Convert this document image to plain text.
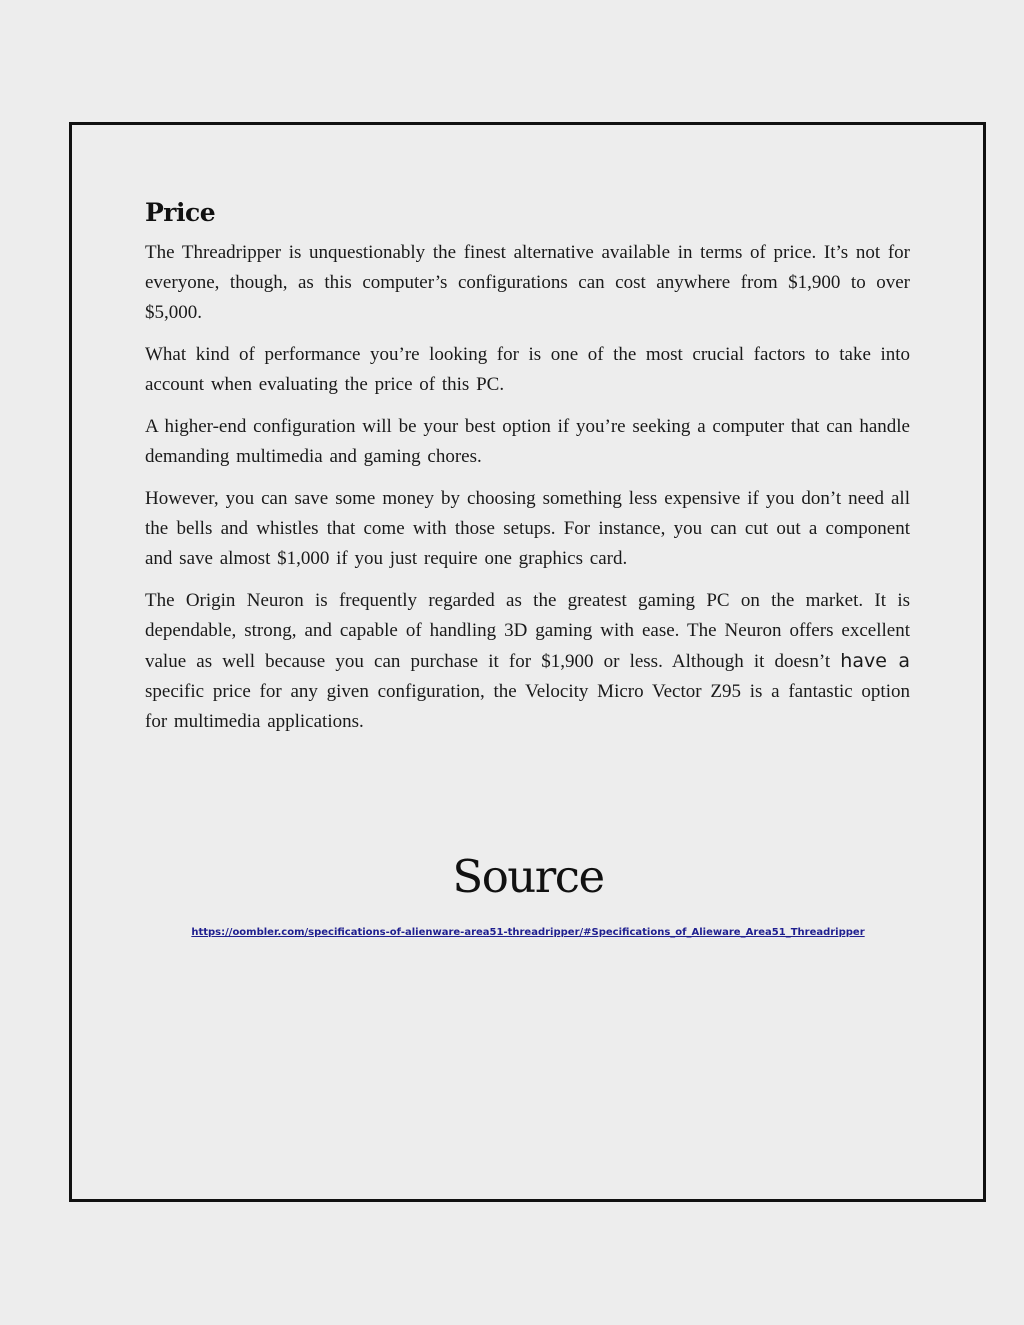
Price

The Threadripper is unquestionably the finest alternative available in terms of price. It’s not for everyone, though, as this computer’s configurations can cost anywhere from $1,900 to over $5,000.

What kind of performance you’re looking for is one of the most crucial factors to take into account when evaluating the price of this PC.

A higher-end configuration will be your best option if you’re seeking a computer that can handle demanding multimedia and gaming chores.

However, you can save some money by choosing something less expensive if you don’t need all the bells and whistles that come with those setups. For instance, you can cut out a component and save almost $1,000 if you just require one graphics card.

The Origin Neuron is frequently regarded as the greatest gaming PC on the market. It is dependable, strong, and capable of handling 3D gaming with ease. The Neuron offers excellent value as well because you can purchase it for $1,900 or less. Although it doesn’t have a specific price for any given configuration, the Velocity Micro Vector Z95 is a fantastic option for multimedia applications.

Source
https://oombler.com/specifications-of-alienware-area51-threadripper/#Specifications_of_Alieware_Area51_Threadripper
